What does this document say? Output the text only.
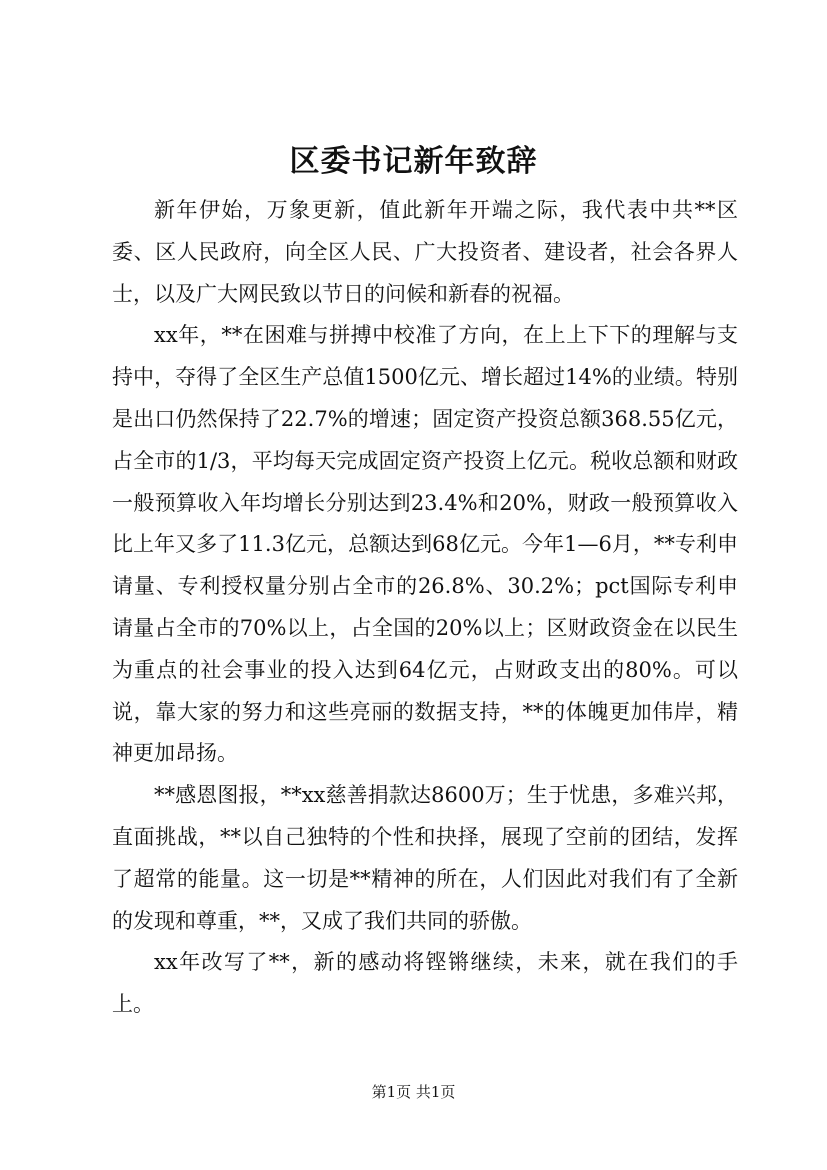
区委书记新年致辞

新年伊始，万象更新，值此新年开端之际，我代表中共**区委、区人民政府，向全区人民、广大投资者、建设者，社会各界人士，以及广大网民致以节日的问候和新春的祝福。

xx年，**在困难与拼搏中校准了方向，在上上下下的理解与支持中，夺得了全区生产总值1500亿元、增长超过14%的业绩。特别是出口仍然保持了22.7%的增速；固定资产投资总额368.55亿元，占全市的1/3，平均每天完成固定资产投资上亿元。税收总额和财政一般预算收入年均增长分别达到23.4%和20%，财政一般预算收入比上年又多了11.3亿元，总额达到68亿元。今年1—6月，**专利申请量、专利授权量分别占全市的26.8%、30.2%；pct国际专利申请量占全市的70%以上，占全国的20%以上；区财政资金在以民生为重点的社会事业的投入达到64亿元，占财政支出的80%。可以说，靠大家的努力和这些亮丽的数据支持，**的体魄更加伟岸，精神更加昂扬。

**感恩图报，**xx慈善捐款达8600万；生于忧患，多难兴邦，直面挑战，**以自己独特的个性和抉择，展现了空前的团结，发挥了超常的能量。这一切是**精神的所在，人们因此对我们有了全新的发现和尊重，**，又成了我们共同的骄傲。

xx年改写了**，新的感动将铿锵继续，未来，就在我们的手上。

第1页 共1页
